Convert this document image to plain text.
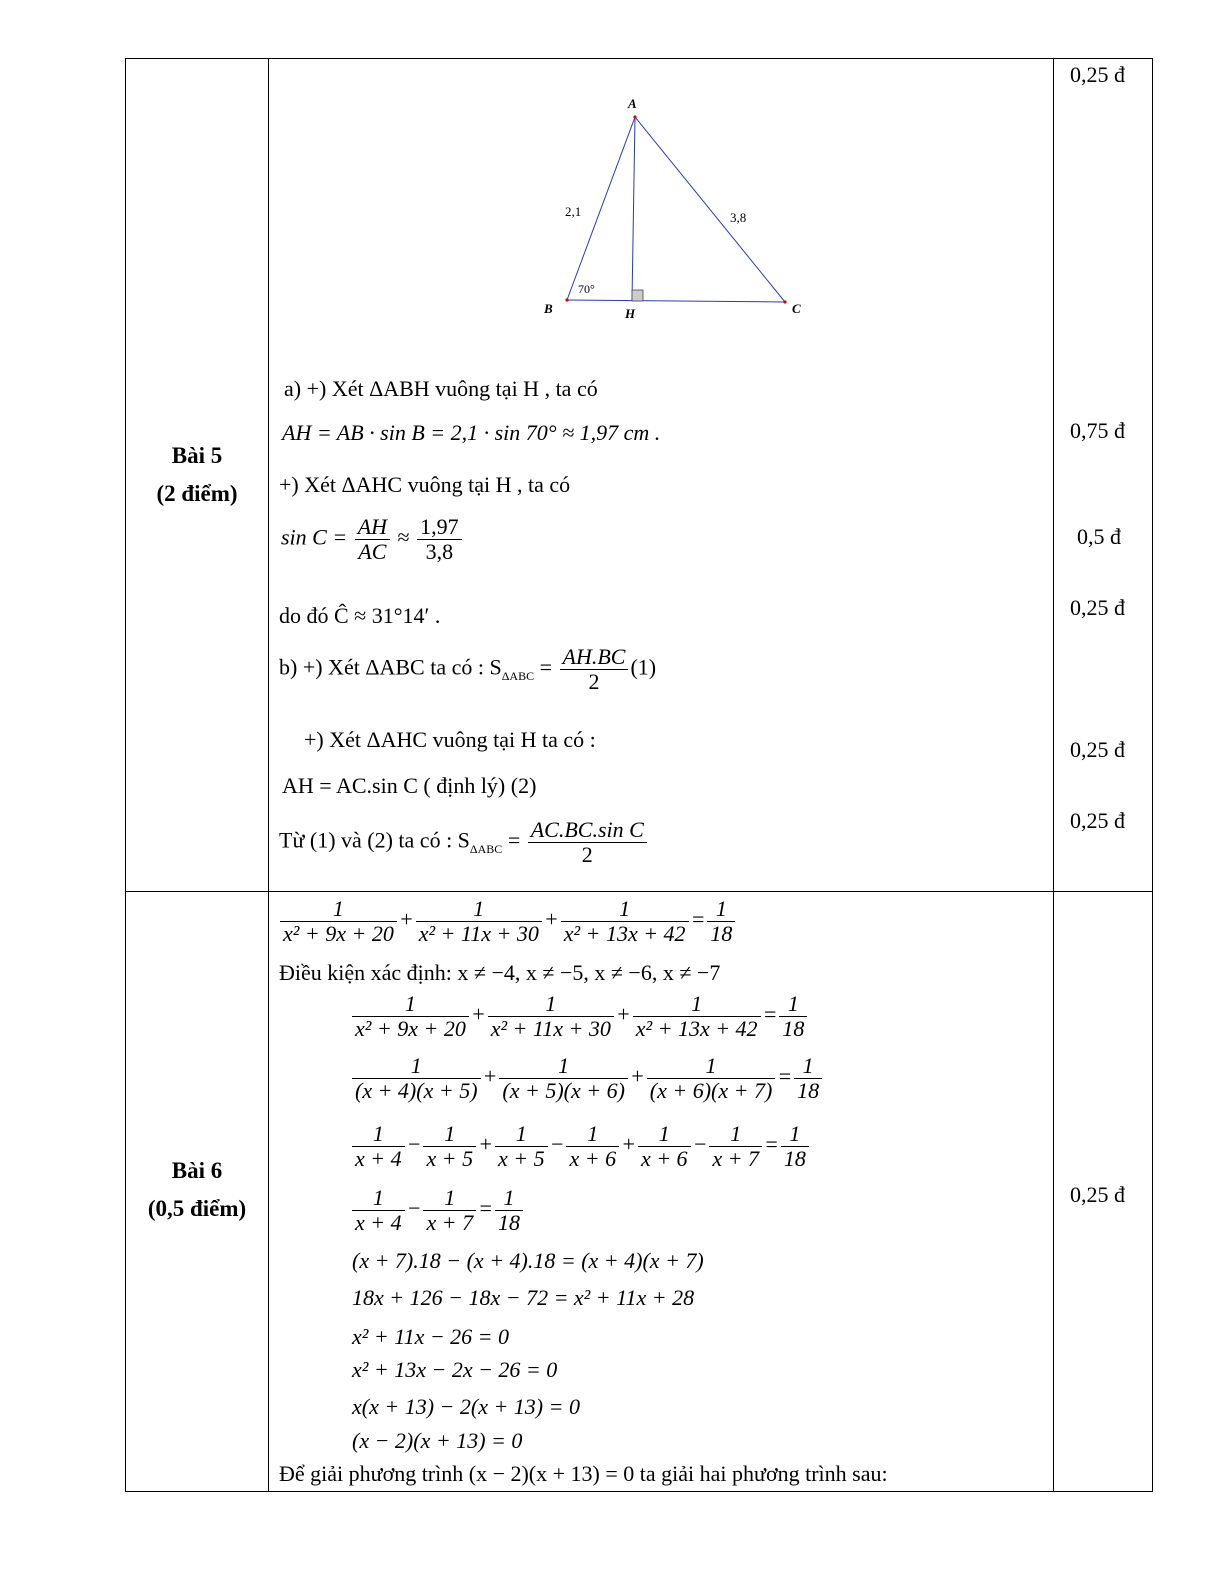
Bài 5
(2 điểm)
A
B	C
H
2,1	3,8
70°
a) +) Xét ΔABH vuông tại H , ta có
AH = AB · sin B = 2,1 · sin 70° ≈ 1,97 cm .
+) Xét ΔAHC vuông tại H , ta có
$\sin C = \frac{AH}{AC} \approx \frac{1,97}{3,8}$
do đó Ĉ ≈ 31°14′ .
b) +) Xét ΔABC ta có : $S_{\Delta ABC} = \frac{AH.BC}{2} (1)$
+) Xét ΔAHC vuông tại H ta có :
AH = AC.sin C ( định lý) (2)
Từ (1) và (2) ta có : $S_{\Delta ABC} = \frac{\text{AC.BC.sin C}}{2}$
0,25 đ
0,75 đ
0,5 đ
0,25 đ
0,25 đ
0,25 đ
Bài 6
(0,5 điểm)
0,25 đ
$\frac{1}{\text{x² + 9x + 20}} + \frac{1}{\text{x² + 11x + 30}} + \frac{1}{\text{x² + 13x + 42}} = \frac{1}{18}$
Điều kiện xác định: x ≠ −4, x ≠ −5, x ≠ −6, x ≠ −7
$\frac{1}{\text{x² + 9x + 20}} + \frac{1}{\text{x² + 11x + 30}} + \frac{1}{\text{x² + 13x + 42}} = \frac{1}{18}$
$\frac{1}{(x + 4)(x + 5)} + \frac{1}{(x + 5)(x + 6)} + \frac{1}{(x + 6)(x + 7)} = \frac{1}{18}$
$\frac{1}{x + 4} - \frac{1}{x + 5} + \frac{1}{x + 5} - \frac{1}{x + 6} + \frac{1}{x + 6} - \frac{1}{x + 7} = \frac{1}{18}$
$\frac{1}{x + 4} - \frac{1}{x + 7} = \frac{1}{18}$
(x + 7).18 − (x + 4).18 = (x + 4)(x + 7)
18x + 126 − 18x − 72 = x² + 11x + 28
x² + 11x − 26 = 0
x² + 13x − 2x − 26 = 0
x(x + 13) − 2(x + 13) = 0
(x − 2)(x + 13) = 0
Để giải phương trình (x − 2)(x + 13) = 0 ta giải hai phương trình sau:
